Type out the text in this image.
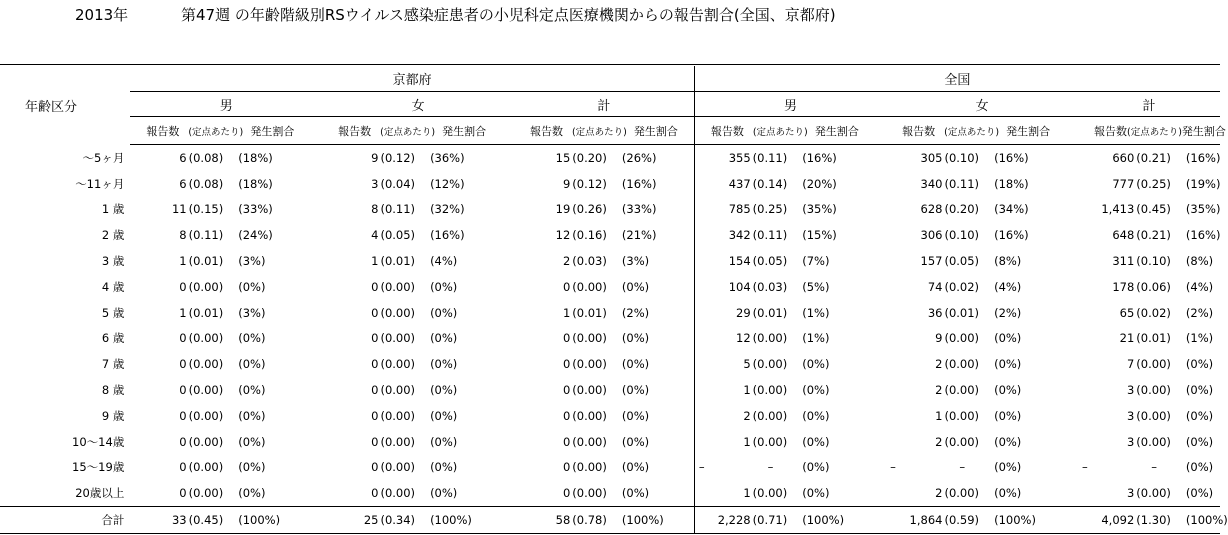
2013年	第47週 の年齢階級別RSウイルス感染症患者の小児科定点医療機関からの報告割合(全国、京都府)
年齢区分	京都府									全国								
	男			女			計			男			女			計		

	報告数 (定点あたり) 発生割合			報告数 (定点あたり) 発生割合			報告数 (定点あたり) 発生割合			報告数 (定点あたり) 発生割合			報告数 (定点あたり) 発生割合			報告数 (定点あたり) 発生割合		

～5ヶ月	6	(0.08)	(18%)	9	(0.12)	(36%)	15	(0.20)	(26%)	355	(0.11)	(16%)	305	(0.10)	(16%)	660	(0.21)	(16%)
～11ヶ月	6	(0.08)	(18%)	3	(0.04)	(12%)	9	(0.12)	(16%)	437	(0.14)	(20%)	340	(0.11)	(18%)	777	(0.25)	(19%)
1 歳	11	(0.15)	(33%)	8	(0.11)	(32%)	19	(0.26)	(33%)	785	(0.25)	(35%)	628	(0.20)	(34%)	1,413	(0.45)	(35%)
2 歳	8	(0.11)	(24%)	4	(0.05)	(16%)	12	(0.16)	(21%)	342	(0.11)	(15%)	306	(0.10)	(16%)	648	(0.21)	(16%)
3 歳	1	(0.01)	(3%)	1	(0.01)	(4%)	2	(0.03)	(3%)	154	(0.05)	(7%)	157	(0.05)	(8%)	311	(0.10)	(8%)
4 歳	0	(0.00)	(0%)	0	(0.00)	(0%)	0	(0.00)	(0%)	104	(0.03)	(5%)	74	(0.02)	(4%)	178	(0.06)	(4%)
5 歳	1	(0.01)	(3%)	0	(0.00)	(0%)	1	(0.01)	(2%)	29	(0.01)	(1%)	36	(0.01)	(2%)	65	(0.02)	(2%)
6 歳	0	(0.00)	(0%)	0	(0.00)	(0%)	0	(0.00)	(0%)	12	(0.00)	(1%)	9	(0.00)	(0%)	21	(0.01)	(1%)
7 歳	0	(0.00)	(0%)	0	(0.00)	(0%)	0	(0.00)	(0%)	5	(0.00)	(0%)	2	(0.00)	(0%)	7	(0.00)	(0%)
8 歳	0	(0.00)	(0%)	0	(0.00)	(0%)	0	(0.00)	(0%)	1	(0.00)	(0%)	2	(0.00)	(0%)	3	(0.00)	(0%)
9 歳	0	(0.00)	(0%)	0	(0.00)	(0%)	0	(0.00)	(0%)	2	(0.00)	(0%)	1	(0.00)	(0%)	3	(0.00)	(0%)
10～14歳	0	(0.00)	(0%)	0	(0.00)	(0%)	0	(0.00)	(0%)	1	(0.00)	(0%)	2	(0.00)	(0%)	3	(0.00)	(0%)
15～19歳	0	(0.00)	(0%)	0	(0.00)	(0%)	0	(0.00)	(0%)	–	–	(0%)	–	–	(0%)	–	–	(0%)
20歳以上	0	(0.00)	(0%)	0	(0.00)	(0%)	0	(0.00)	(0%)	1	(0.00)	(0%)	2	(0.00)	(0%)	3	(0.00)	(0%)
合計	33	(0.45)	(100%)	25	(0.34)	(100%)	58	(0.78)	(100%)	2,228	(0.71)	(100%)	1,864	(0.59)	(100%)	4,092	(1.30)	(100%)
